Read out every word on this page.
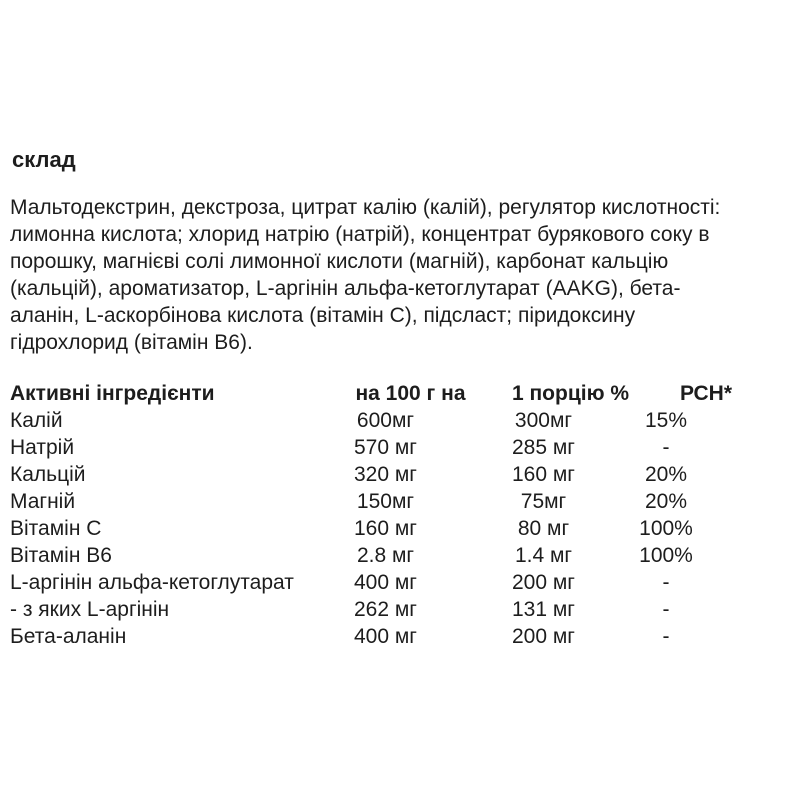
склад
Мальтодекстрин, декстроза, цитрат калію (калій), регулятор кислотності:
лимонна кислота; хлорид натрію (натрій), концентрат бурякового соку в
порошку, магнієві солі лимонної кислоти (магній), карбонат кальцію
(кальцій), ароматизатор, L-аргінін альфа-кетоглутарат (AAKG), бета-
аланін, L-аскорбінова кислота (вітамін С), підсласт; піридоксину
гідрохлорид (вітамін В6).
Активні інгредієнти	на 100 г на	1 порцію %	РСН*
Калій	600мг	300мг	15%
Натрій	570 мг	285 мг	-
Кальцій	320 мг	160 мг	20%
Магній	150мг	75мг	20%
Вітамін С	160 мг	80 мг	100%
Вітамін В6	2.8 мг	1.4 мг	100%
L-аргінін альфа-кетоглутарат	400 мг	200 мг	-
- з яких L-аргінін	262 мг	131 мг	-
Бета-аланін	400 мг	200 мг	-
